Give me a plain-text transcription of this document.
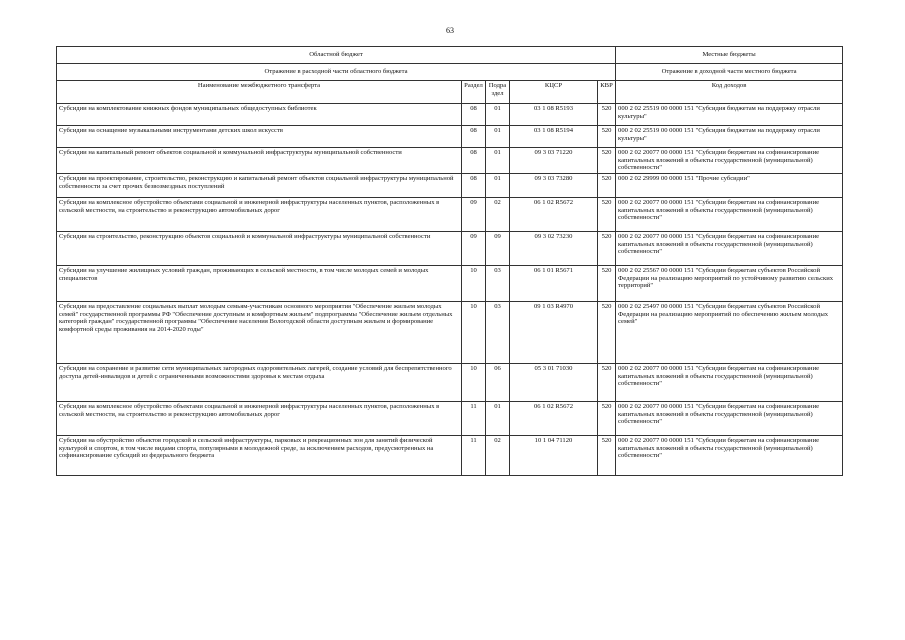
63
Областной бюджет					Местные бюджеты
Отражение в расходной части областного бюджета					Отражение в доходной части местного бюджета
Наименование межбюджетного трансферта	Раздел	Подраздел	КЦСР	КВР	Код доходов
Субсидии на комплектование книжных фондов муниципальных общедоступных библиотек	08	01	03 1 08 R5193	520	000 2 02 25519 00 0000 151 "Субсидия бюджетам на поддержку отрасли культуры"
Субсидии на оснащение музыкальными инструментами детских школ искусств	08	01	03 1 08 R5194	520	000 2 02 25519 00 0000 151 "Субсидия бюджетам на поддержку отрасли культуры"
Субсидии на капитальный ремонт объектов социальной и коммунальной инфраструктуры муниципальной собственности	08	01	09 3 03 71220	520	000 2 02 20077 00 0000 151 "Субсидии бюджетам на софинансирование капитальных вложений в объекты государственной (муниципальной) собственности"
Субсидии на проектирование, строительство, реконструкцию и капитальный ремонт объектов социальной инфраструктуры муниципальной собственности за счет прочих безвозмездных поступлений	08	01	09 3 03 73280	520	000 2 02 29999 00 0000 151 "Прочие субсидии"
Субсидии на комплексное обустройство объектами социальной и инженерной инфраструктуры населенных пунктов, расположенных в сельской местности, на строительство и реконструкцию автомобильных дорог	09	02	06 1 02 R5672	520	000 2 02 20077 00 0000 151 "Субсидии бюджетам на софинансирование капитальных вложений в объекты государственной (муниципальной) собственности"
Субсидии на строительство, реконструкцию объектов социальной и коммунальной инфраструктуры муниципальной собственности	09	09	09 3 02 73230	520	000 2 02 20077 00 0000 151 "Субсидии бюджетам на софинансирование капитальных вложений в объекты государственной (муниципальной) собственности"
Субсидии на улучшение жилищных условий граждан, проживающих в сельской местности, в том числе молодых семей и молодых специалистов	10	03	06 1 01 R5671	520	000 2 02 25567 00 0000 151 "Субсидии бюджетам субъектов Российской Федерации на реализацию мероприятий по устойчивому развитию сельских территорий"
Субсидии на предоставление социальных выплат молодым семьям-участникам основного мероприятия "Обеспечение жильем молодых семей" государственной программы РФ "Обеспечение доступным и комфортным жильем" подпрограммы "Обеспечение жильем отдельных категорий граждан" государственной программы "Обеспечение населения Вологодской области доступным жильем и формирование комфортной среды проживания на 2014-2020 годы"	10	03	09 1 03 R4970	520	000 2 02 25497 00 0000 151 "Субсидии бюджетам субъектов Российской Федерации на реализацию мероприятий по обеспечению жильем молодых семей"
Субсидии на сохранение и развитие сети муниципальных загородных оздоровительных лагерей, создание условий для беспрепятственного доступа детей-инвалидов и детей с ограниченными возможностями здоровья к местам отдыха	10	06	05 3 01 71030	520	000 2 02 20077 00 0000 151 "Субсидии бюджетам на софинансирование капитальных вложений в объекты государственной (муниципальной) собственности"
Субсидии на комплексное обустройство объектами социальной и инженерной инфраструктуры населенных пунктов, расположенных в сельской местности, на строительство и реконструкцию автомобильных дорог	11	01	06 1 02 R5672	520	000 2 02 20077 00 0000 151 "Субсидии бюджетам на софинансирование капитальных вложений в объекты государственной (муниципальной) собственности"
Субсидии на обустройство объектов городской и сельской инфраструктуры, парковых и рекреационных зон для занятий физической культурой и спортом, в том числе видами спорта, популярными в молодежной среде, за исключением расходов, предусмотренных на софинансирование субсидий из федерального бюджета	11	02	10 1 04 71120	520	000 2 02 20077 00 0000 151 "Субсидии бюджетам на софинансирование капитальных вложений в объекты государственной (муниципальной) собственности"
